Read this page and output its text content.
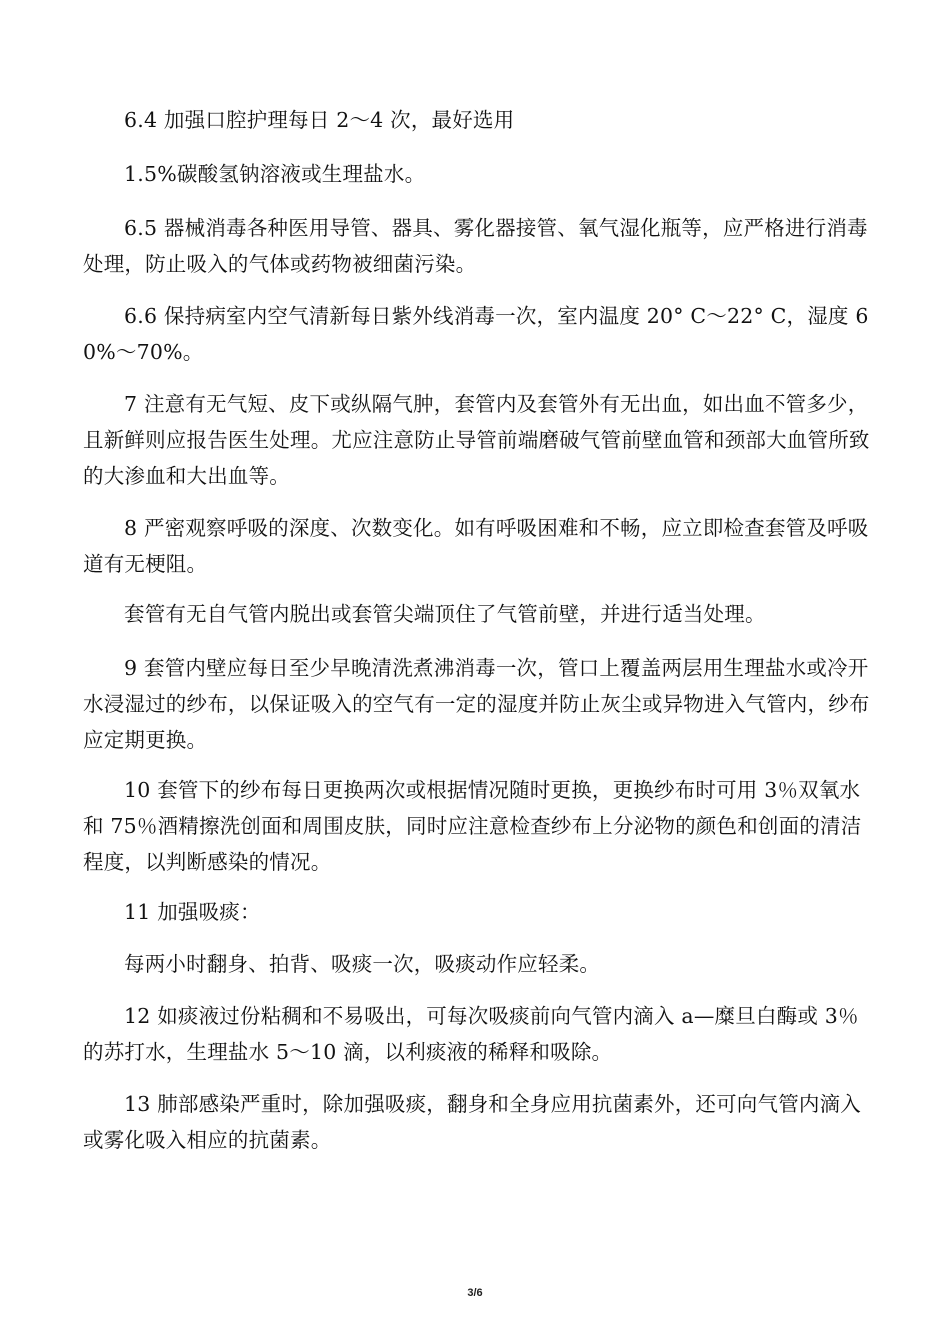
6.4 加强口腔护理每日 2～4 次，最好选用

1.5%碳酸氢钠溶液或生理盐水。

6.5 器械消毒各种医用导管、器具、雾化器接管、氧气湿化瓶等，应严格进行消毒处理，防止吸入的气体或药物被细菌污染。

6.6 保持病室内空气清新每日紫外线消毒一次，室内温度 20° C～22° C，湿度 60%～70%。

7 注意有无气短、皮下或纵隔气肿，套管内及套管外有无出血，如出血不管多少，且新鲜则应报告医生处理。尤应注意防止导管前端磨破气管前壁血管和颈部大血管所致的大渗血和大出血等。

8 严密观察呼吸的深度、次数变化。如有呼吸困难和不畅，应立即检查套管及呼吸道有无梗阻。

套管有无自气管内脱出或套管尖端顶住了气管前壁，并进行适当处理。

9 套管内壁应每日至少早晚清洗煮沸消毒一次，管口上覆盖两层用生理盐水或冷开水浸湿过的纱布，以保证吸入的空气有一定的湿度并防止灰尘或异物进入气管内，纱布应定期更换。

10 套管下的纱布每日更换两次或根据情况随时更换，更换纱布时可用 3％双氧水和 75％酒精擦洗创面和周围皮肤，同时应注意检查纱布上分泌物的颜色和创面的清洁程度，以判断感染的情况。

11 加强吸痰：

每两小时翻身、拍背、吸痰一次，吸痰动作应轻柔。

12 如痰液过份粘稠和不易吸出，可每次吸痰前向气管内滴入 a—糜旦白酶或 3％的苏打水，生理盐水 5～10 滴，以利痰液的稀释和吸除。

13 肺部感染严重时，除加强吸痰，翻身和全身应用抗菌素外，还可向气管内滴入或雾化吸入相应的抗菌素。

3/6
